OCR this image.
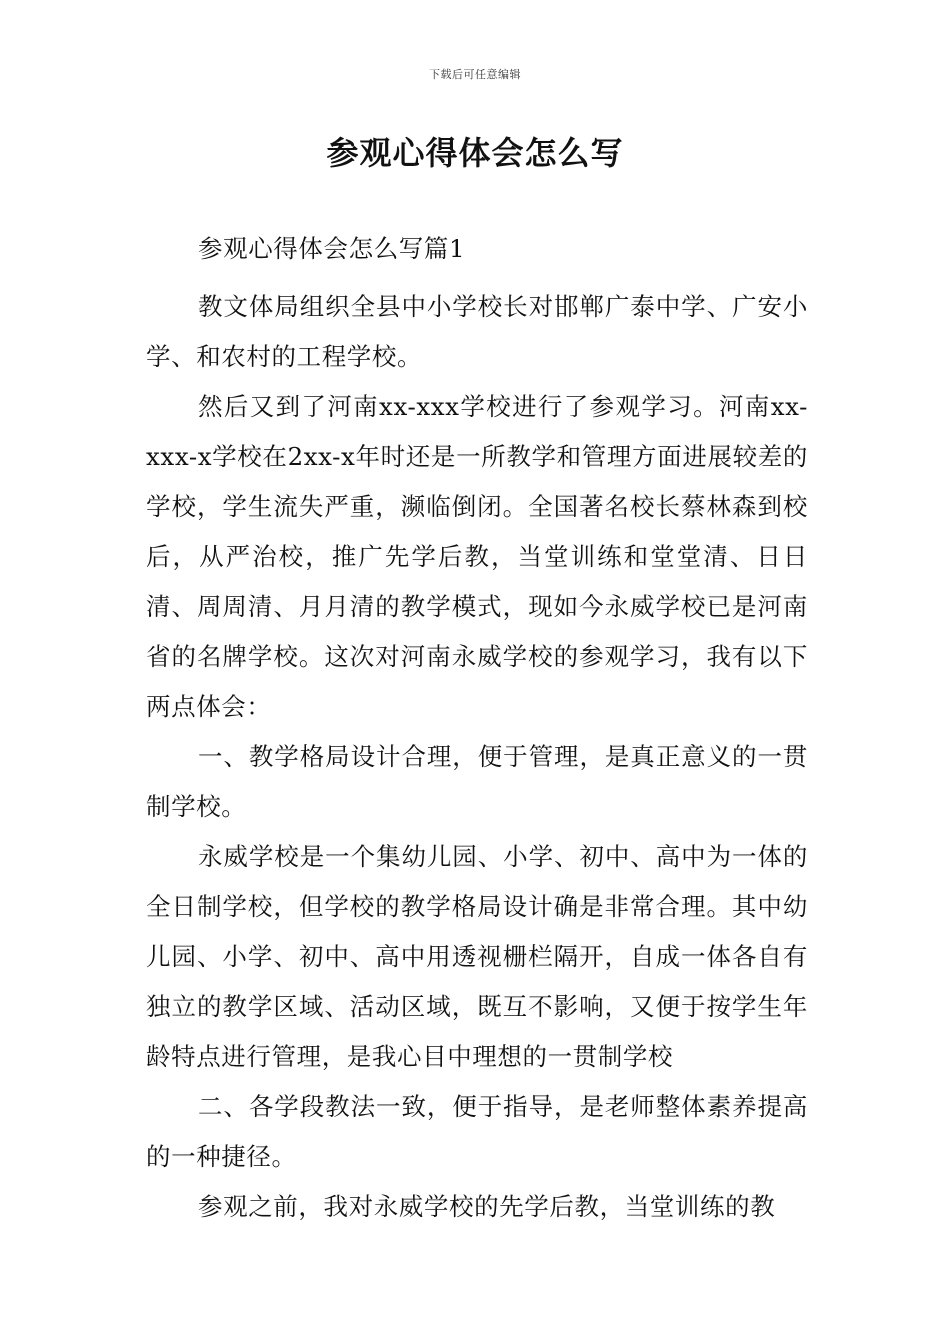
下载后可任意编辑
参观心得体会怎么写

参观心得体会怎么写篇1

教文体局组织全县中小学校长对邯郸广泰中学、广安小学、和农村的工程学校。

然后又到了河南xx-xxx学校进行了参观学习。河南xx-xxx-x学校在2xx-x年时还是一所教学和管理方面进展较差的学校，学生流失严重，濒临倒闭。全国著名校长蔡林森到校后，从严治校，推广先学后教，当堂训练和堂堂清、日日清、周周清、月月清的教学模式，现如今永威学校已是河南省的名牌学校。这次对河南永威学校的参观学习，我有以下两点体会：

一、教学格局设计合理，便于管理，是真正意义的一贯制学校。

永威学校是一个集幼儿园、小学、初中、高中为一体的全日制学校，但学校的教学格局设计确是非常合理。其中幼儿园、小学、初中、高中用透视栅栏隔开，自成一体各自有独立的教学区域、活动区域，既互不影响，又便于按学生年龄特点进行管理，是我心目中理想的一贯制学校

二、各学段教法一致，便于指导，是老师整体素养提高的一种捷径。

参观之前，我对永威学校的先学后教，当堂训练的教
